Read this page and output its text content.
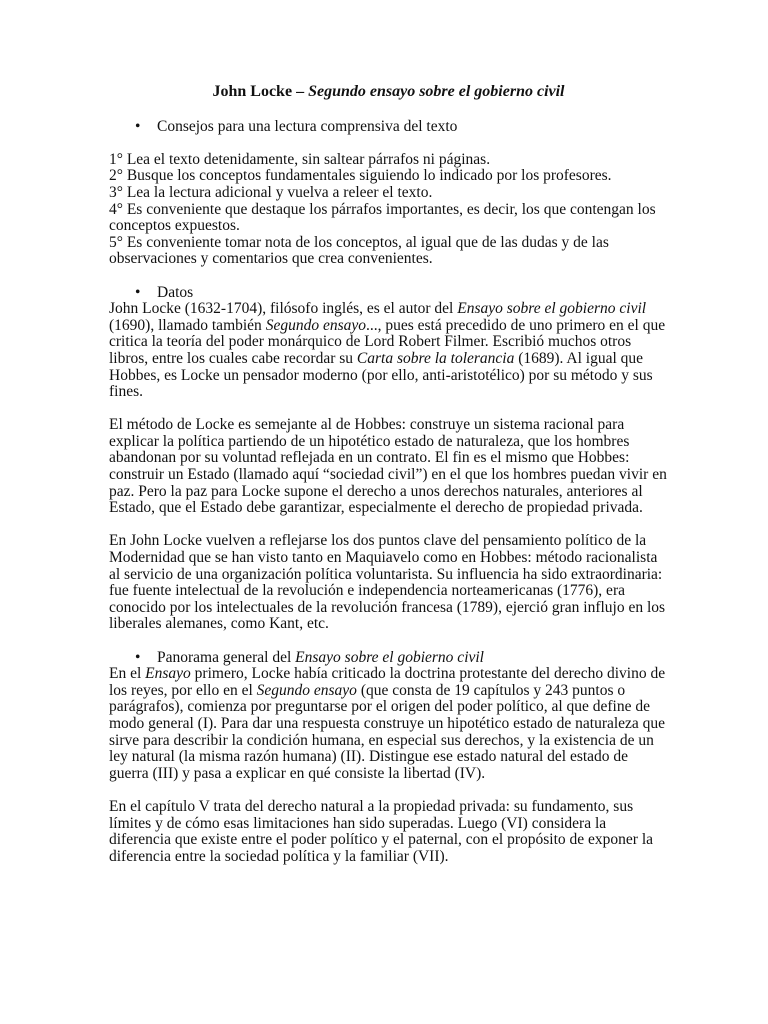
John Locke – Segundo ensayo sobre el gobierno civil

• Consejos para una lectura comprensiva del texto

1° Lea el texto detenidamente, sin saltear párrafos ni páginas.

2° Busque los conceptos fundamentales siguiendo lo indicado por los profesores.

3° Lea la lectura adicional y vuelva a releer el texto.

4° Es conveniente que destaque los párrafos importantes, es decir, los que contengan los conceptos expuestos.

5° Es conveniente tomar nota de los conceptos, al igual que de las dudas y de las observaciones y comentarios que crea convenientes.

• Datos

John Locke (1632-1704), filósofo inglés, es el autor del Ensayo sobre el gobierno civil (1690), llamado también Segundo ensayo..., pues está precedido de uno primero en el que critica la teoría del poder monárquico de Lord Robert Filmer. Escribió muchos otros libros, entre los cuales cabe recordar su Carta sobre la tolerancia (1689). Al igual que Hobbes, es Locke un pensador moderno (por ello, anti-aristotélico) por su método y sus fines.

El método de Locke es semejante al de Hobbes: construye un sistema racional para explicar la política partiendo de un hipotético estado de naturaleza, que los hombres abandonan por su voluntad reflejada en un contrato. El fin es el mismo que Hobbes: construir un Estado (llamado aquí “sociedad civil”) en el que los hombres puedan vivir en paz. Pero la paz para Locke supone el derecho a unos derechos naturales, anteriores al Estado, que el Estado debe garantizar, especialmente el derecho de propiedad privada.

En John Locke vuelven a reflejarse los dos puntos clave del pensamiento político de la Modernidad que se han visto tanto en Maquiavelo como en Hobbes: método racionalista al servicio de una organización política voluntarista. Su influencia ha sido extraordinaria: fue fuente intelectual de la revolución e independencia norteamericanas (1776), era conocido por los intelectuales de la revolución francesa (1789), ejerció gran influjo en los liberales alemanes, como Kant, etc.

• Panorama general del Ensayo sobre el gobierno civil

En el Ensayo primero, Locke había criticado la doctrina protestante del derecho divino de los reyes, por ello en el Segundo ensayo (que consta de 19 capítulos y 243 puntos o parágrafos), comienza por preguntarse por el origen del poder político, al que define de modo general (I). Para dar una respuesta construye un hipotético estado de naturaleza que sirve para describir la condición humana, en especial sus derechos, y la existencia de un ley natural (la misma razón humana) (II). Distingue ese estado natural del estado de guerra (III) y pasa a explicar en qué consiste la libertad (IV).

En el capítulo V trata del derecho natural a la propiedad privada: su fundamento, sus límites y de cómo esas limitaciones han sido superadas. Luego (VI) considera la diferencia que existe entre el poder político y el paternal, con el propósito de exponer la diferencia entre la sociedad política y la familiar (VII).
